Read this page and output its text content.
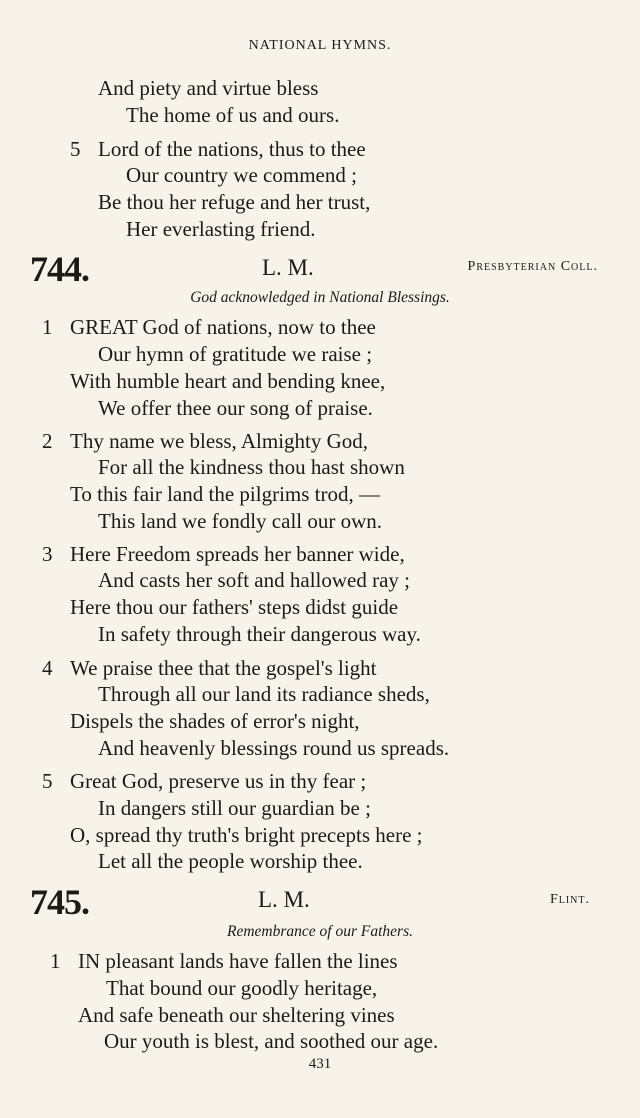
NATIONAL HYMNS.
And piety and virtue bless
The home of us and ours.
5 Lord of the nations, thus to thee
Our country we commend ;
Be thou her refuge and her trust,
Her everlasting friend.
744.	L. M.	Presbyterian Coll.
God acknowledged in National Blessings.
1 GREAT God of nations, now to thee
Our hymn of gratitude we raise ;
With humble heart and bending knee,
We offer thee our song of praise.
2 Thy name we bless, Almighty God,
For all the kindness thou hast shown
To this fair land the pilgrims trod, —
This land we fondly call our own.
3 Here Freedom spreads her banner wide,
And casts her soft and hallowed ray ;
Here thou our fathers' steps didst guide
In safety through their dangerous way.
4 We praise thee that the gospel's light
Through all our land its radiance sheds,
Dispels the shades of error's night,
And heavenly blessings round us spreads.
5 Great God, preserve us in thy fear ;
In dangers still our guardian be ;
O, spread thy truth's bright precepts here ;
Let all the people worship thee.
745.	L. M.	Flint.
Remembrance of our Fathers.
1 IN pleasant lands have fallen the lines
That bound our goodly heritage,
And safe beneath our sheltering vines
Our youth is blest, and soothed our age.
431
